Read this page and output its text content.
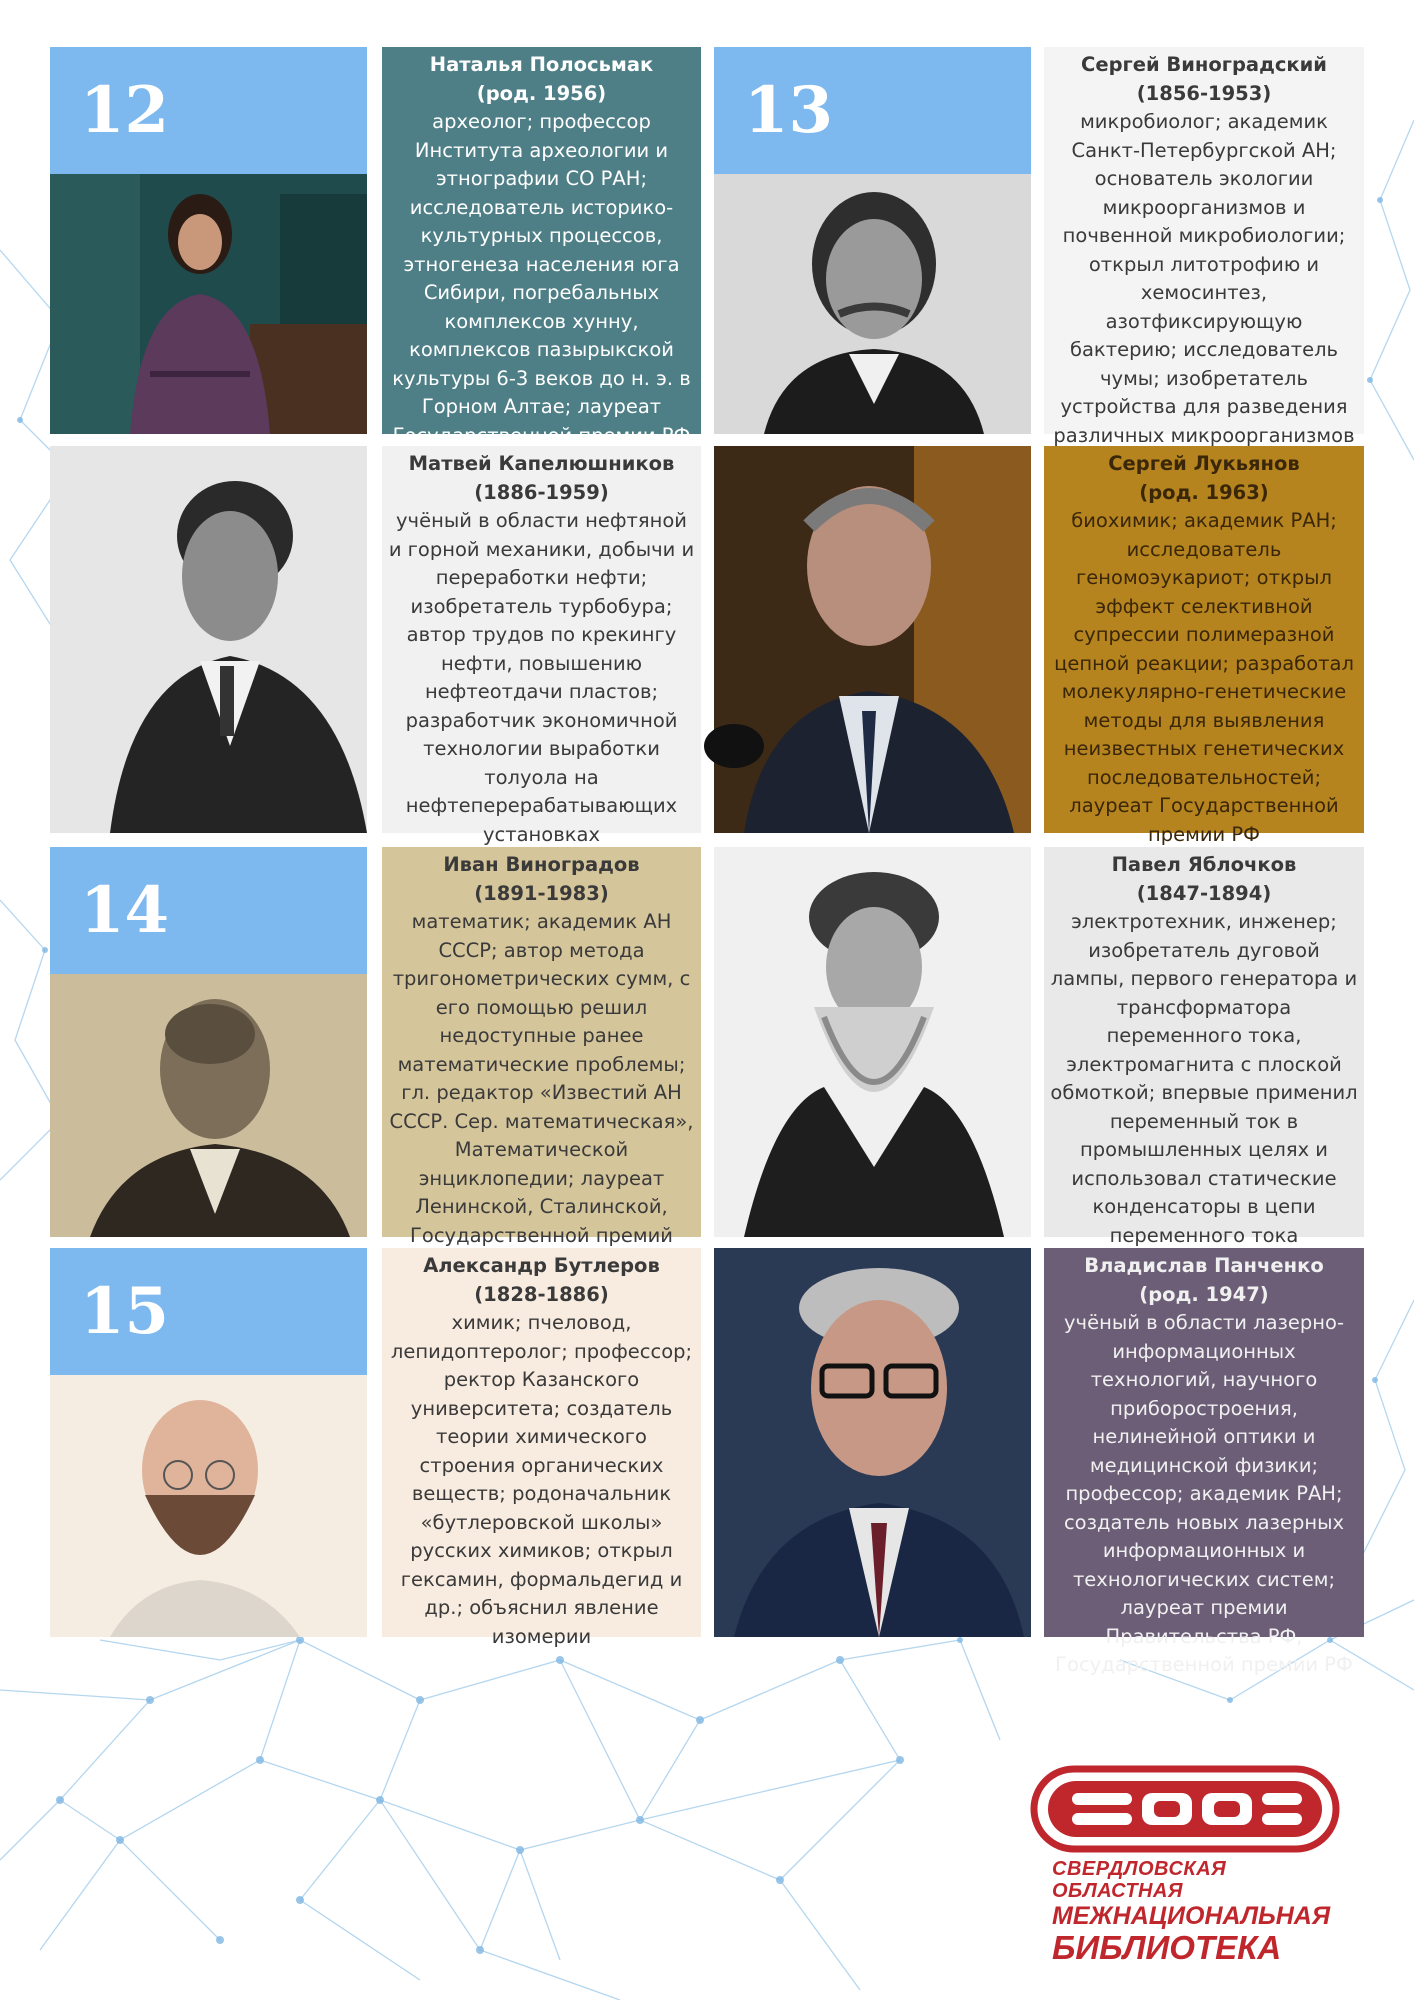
12
Наталья Полосьмак
(род. 1956)
археолог; профессор Института археологии и этнографии СО РАН; исследователь историко-культурных процессов, этногенеза населения юга Сибири, погребальных комплексов хунну, комплексов пазырыкской культуры 6-3 веков до н. э. в Горном Алтае; лауреат Государственной премии РФ
13
Сергей Виноградский
(1856-1953)
микробиолог; академик Санкт-Петербургской АН; основатель экологии микроорганизмов и почвенной микробиологии; открыл литотрофию и хемосинтез, азотфиксирующую бактерию; исследователь чумы; изобретатель устройства для разведения различных микроорганизмов
Матвей Капелюшников
(1886-1959)
учёный в области нефтяной и горной механики, добычи и переработки нефти; изобретатель турбобура; автор трудов по крекингу нефти, повышению нефтеотдачи пластов; разработчик экономичной технологии выработки толуола на нефтеперерабатывающих установках
Сергей Лукьянов
(род. 1963)
биохимик; академик РАН; исследователь геномоэукариот; открыл эффект селективной супрессии полимеразной цепной реакции; разработал молекулярно-генетические методы для выявления неизвестных генетических последовательностей; лауреат Государственной премии РФ
14
Иван Виноградов
(1891-1983)
математик; академик АН СССР; автор метода тригонометрических сумм, с его помощью решил недоступные ранее математические проблемы; гл. редактор «Известий АН СССР. Сер. математическая», Математической энциклопедии; лауреат Ленинской, Сталинской, Государственной премий
Павел Яблочков
(1847-1894)
электротехник, инженер; изобретатель дуговой лампы, первого генератора и трансформатора переменного тока, электромагнита с плоской обмоткой; впервые применил переменный ток в промышленных целях и использовал статические конденсаторы в цепи переменного тока
15
Александр Бутлеров
(1828-1886)
химик; пчеловод, лепидоптеролог; профессор; ректор Казанского университета; создатель теории химического строения органических веществ; родоначальник «бутлеровской школы» русских химиков; открыл гексамин, формальдегид и др.; объяснил явление изомерии
Владислав Панченко
(род. 1947)
учёный в области лазерно-информационных технологий, научного приборостроения, нелинейной оптики и медицинской физики; профессор; академик РАН; создатель новых лазерных информационных и технологических систем; лауреат премии Правительства РФ, Государственной премии РФ
СВЕРДЛОВСКАЯ ОБЛАСТНАЯ
МЕЖНАЦИОНАЛЬНАЯ
БИБЛИОТЕКА
